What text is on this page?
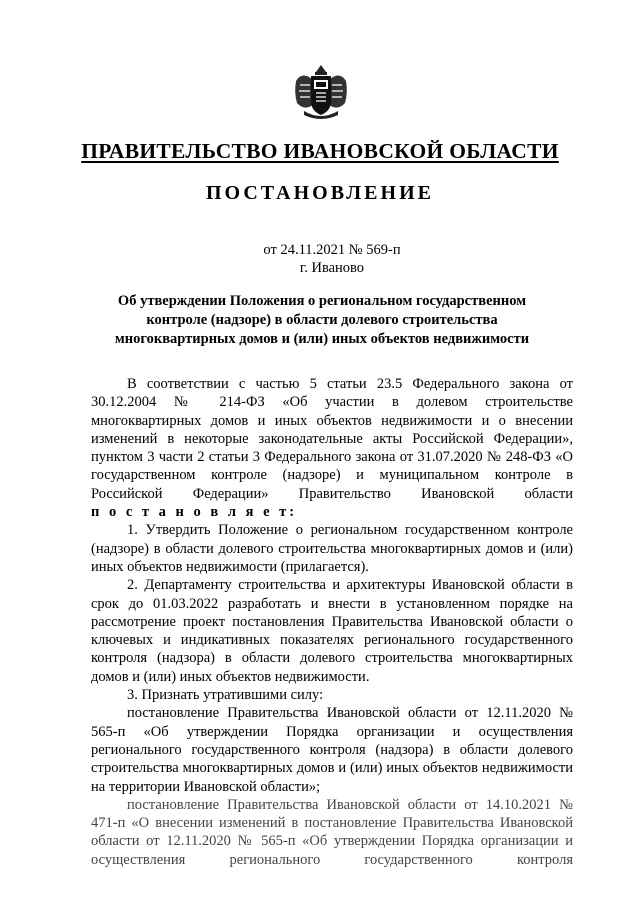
ПРАВИТЕЛЬСТВО ИВАНОВСКОЙ ОБЛАСТИ
ПОСТАНОВЛЕНИЕ
от 24.11.2021 № 569-п
г. Иваново
Об утверждении Положения о региональном государственном контроле (надзоре) в области долевого строительства многоквартирных домов и (или) иных объектов недвижимости

В соответствии с частью 5 статьи 23.5 Федерального закона от 30.12.2004 № 214-ФЗ «Об участии в долевом строительстве многоквартирных домов и иных объектов недвижимости и о внесении изменений в некоторые законодательные акты Российской Федерации», пунктом 3 части 2 статьи 3 Федерального закона от 31.07.2020 № 248-ФЗ «О государственном контроле (надзоре) и муниципальном контроле в Российской Федерации» Правительство Ивановской области

п о с т а н о в л я е т:

1. Утвердить Положение о региональном государственном контроле (надзоре) в области долевого строительства многоквартирных домов и (или) иных объектов недвижимости (прилагается).

2. Департаменту строительства и архитектуры Ивановской области в срок до 01.03.2022 разработать и внести в установленном порядке на рассмотрение проект постановления Правительства Ивановской области о ключевых и индикативных показателях регионального государственного контроля (надзора) в области долевого строительства многоквартирных домов и (или) иных объектов недвижимости.

3. Признать утратившими силу:

постановление Правительства Ивановской области от 12.11.2020 № 565-п «Об утверждении Порядка организации и осуществления регионального государственного контроля (надзора) в области долевого строительства многоквартирных домов и (или) иных объектов недвижимости на территории Ивановской области»;

постановление Правительства Ивановской области от 14.10.2021 № 471-п «О внесении изменений в постановление Правительства Ивановской области от 12.11.2020 № 565-п «Об утверждении Порядка организации и осуществления регионального государственного контроля
